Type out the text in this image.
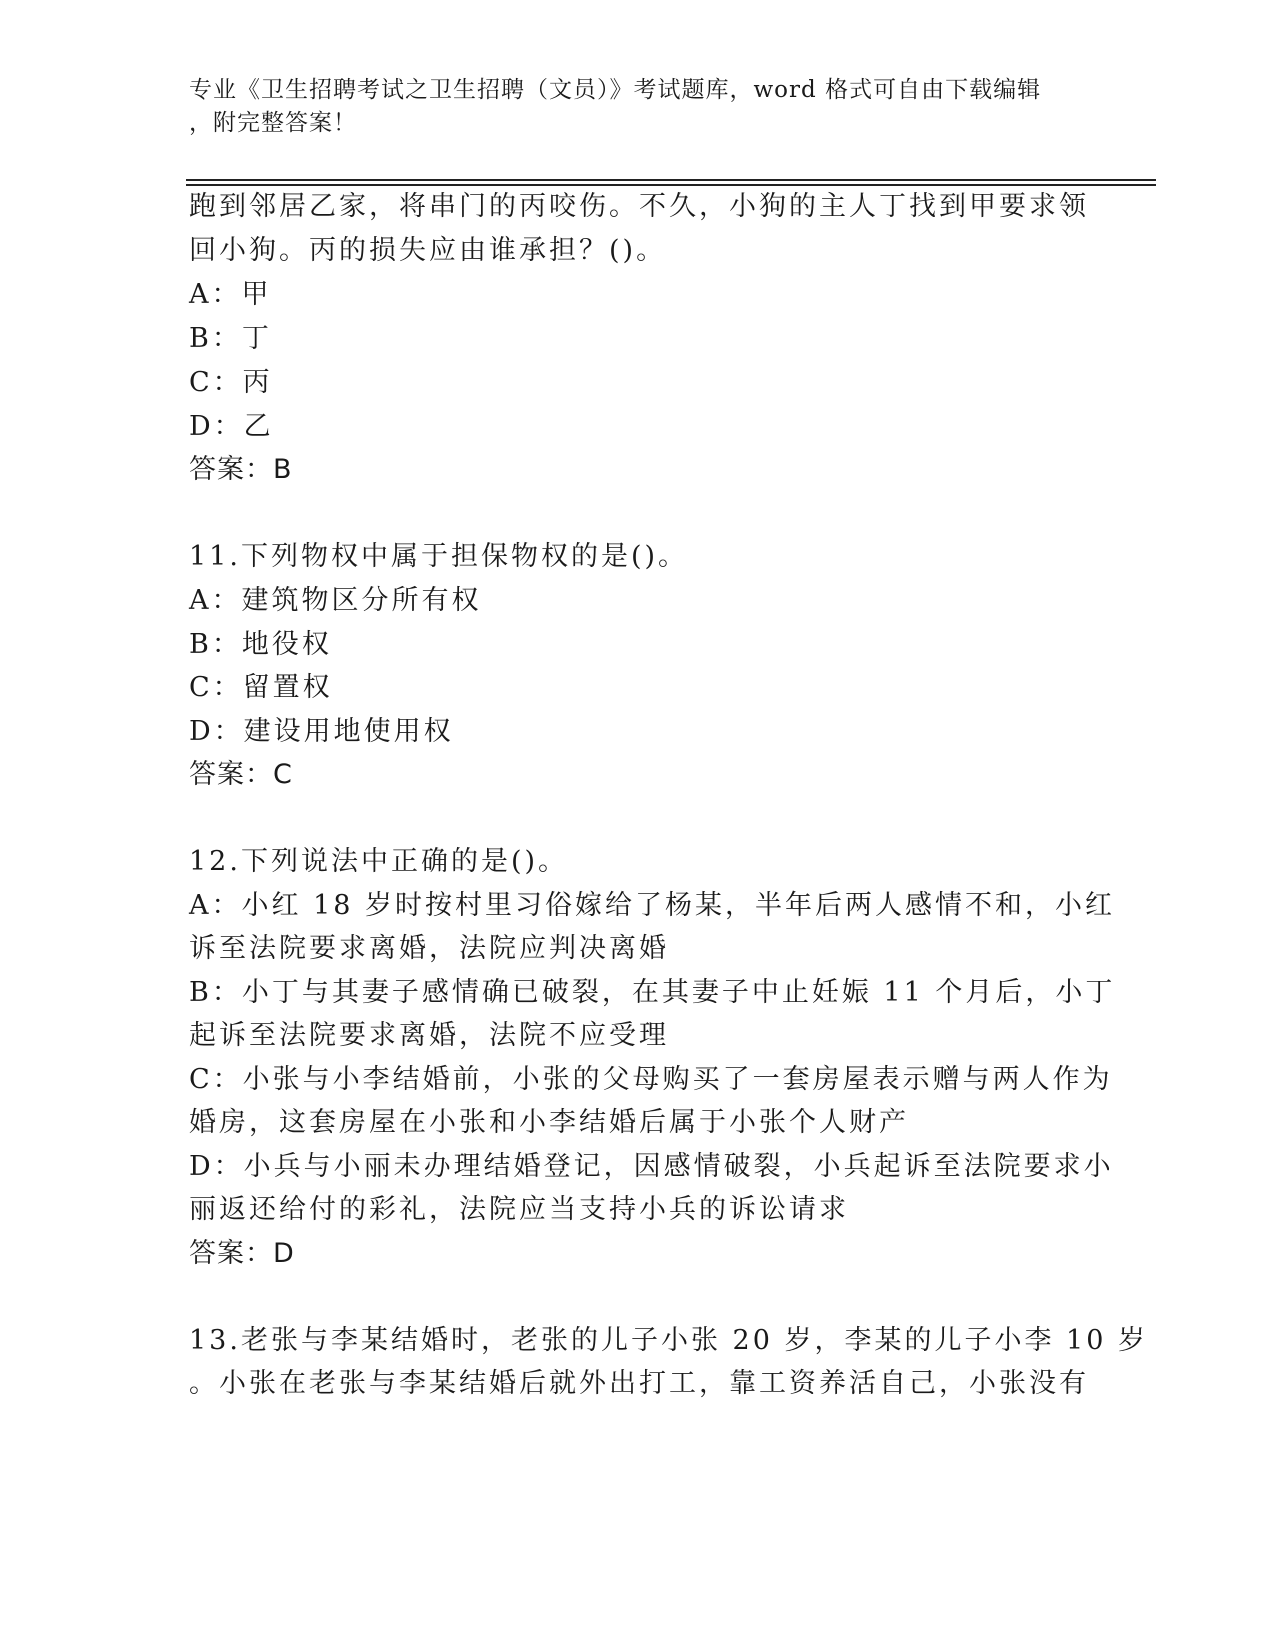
专业《卫生招聘考试之卫生招聘（文员）》考试题库，word 格式可自由下载编辑
，附完整答案！
跑到邻居乙家，将串门的丙咬伤。不久，小狗的主人丁找到甲要求领
回小狗。丙的损失应由谁承担？()。
A：甲
B：丁
C：丙
D：乙
答案：B
11.下列物权中属于担保物权的是()。
A：建筑物区分所有权
B：地役权
C：留置权
D：建设用地使用权
答案：C
12.下列说法中正确的是()。
A：小红 18 岁时按村里习俗嫁给了杨某，半年后两人感情不和，小红
诉至法院要求离婚，法院应判决离婚
B：小丁与其妻子感情确已破裂，在其妻子中止妊娠 11 个月后，小丁
起诉至法院要求离婚，法院不应受理
C：小张与小李结婚前，小张的父母购买了一套房屋表示赠与两人作为
婚房，这套房屋在小张和小李结婚后属于小张个人财产
D：小兵与小丽未办理结婚登记，因感情破裂，小兵起诉至法院要求小
丽返还给付的彩礼，法院应当支持小兵的诉讼请求
答案：D
13.老张与李某结婚时，老张的儿子小张 20 岁，李某的儿子小李 10 岁
。小张在老张与李某结婚后就外出打工，靠工资养活自己，小张没有
